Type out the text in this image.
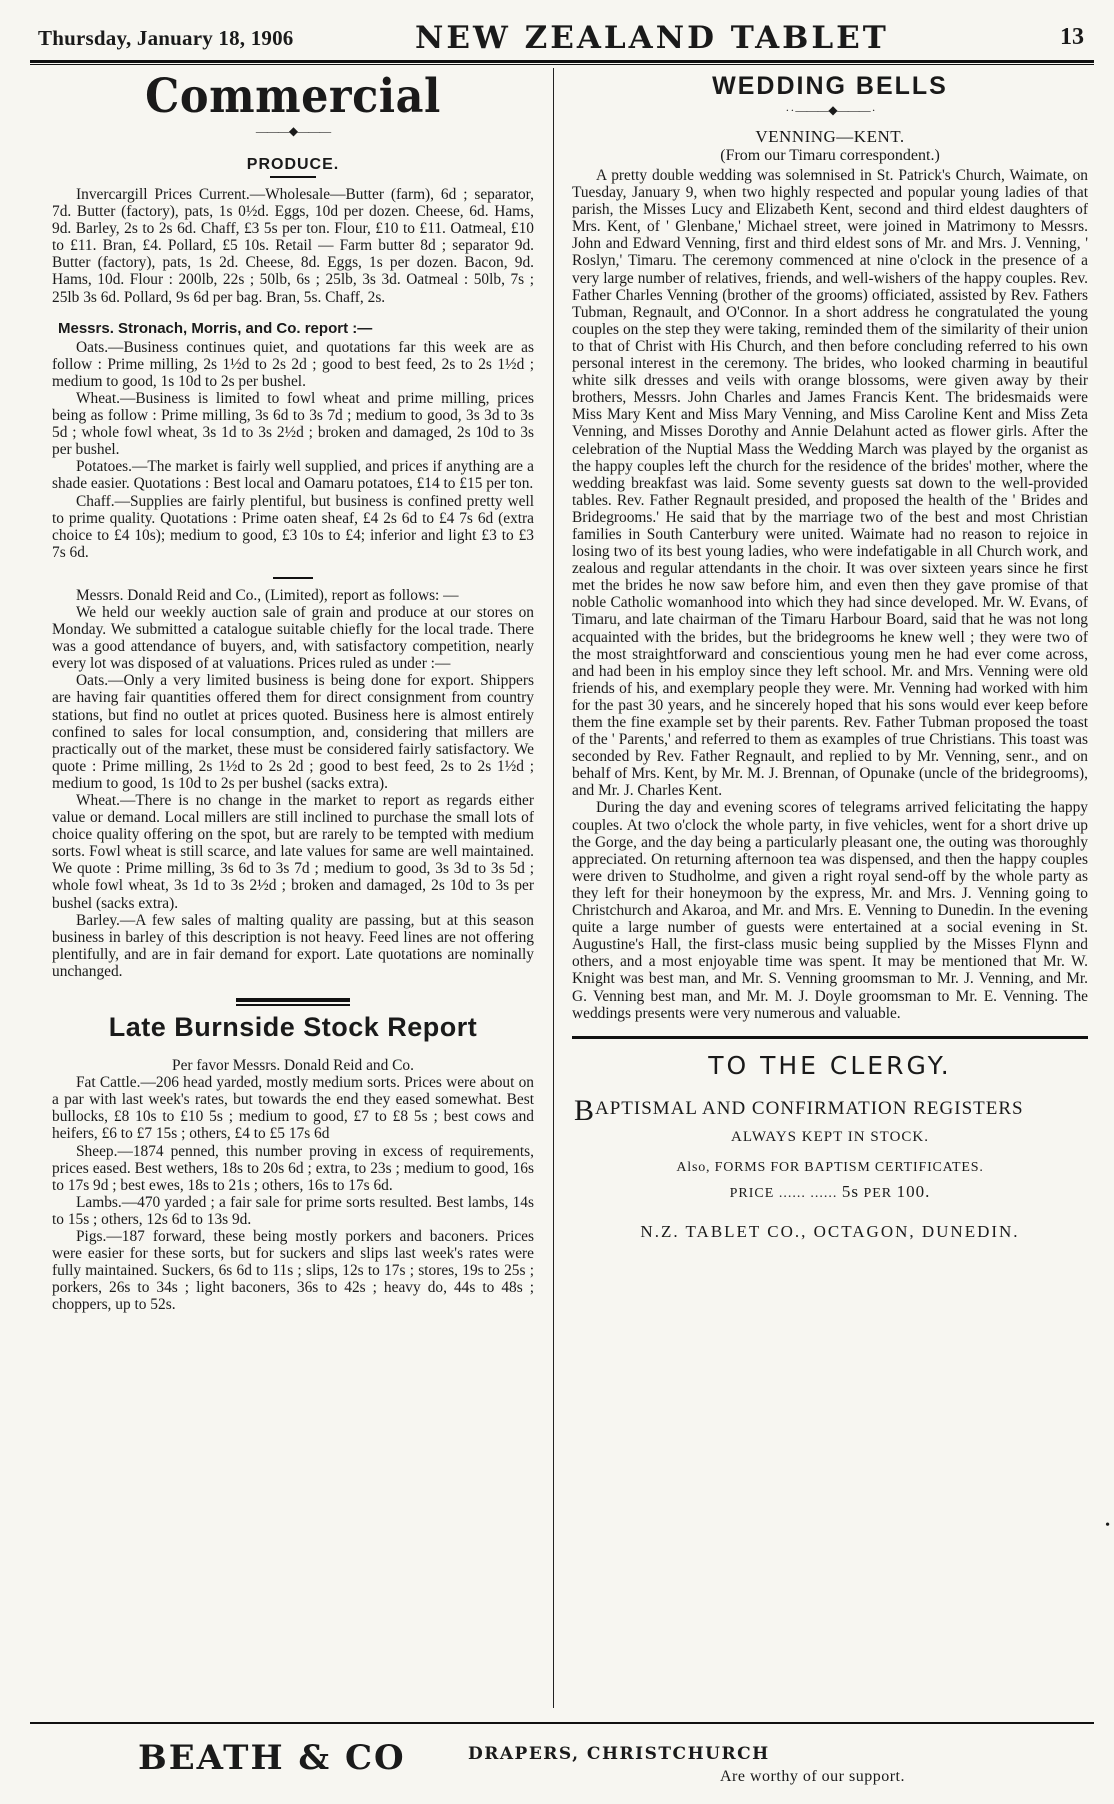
Thursday, January 18, 1906	NEW ZEALAND TABLET	13
Commercial
———◆———
PRODUCE.

Invercargill Prices Current.—Wholesale—Butter (farm), 6d ; separator, 7d. Butter (factory), pats, 1s 0½d. Eggs, 10d per dozen. Cheese, 6d. Hams, 9d. Barley, 2s to 2s 6d. Chaff, £3 5s per ton. Flour, £10 to £11. Oatmeal, £10 to £11. Bran, £4. Pollard, £5 10s. Retail — Farm butter 8d ; separator 9d. Butter (factory), pats, 1s 2d. Cheese, 8d. Eggs, 1s per dozen. Bacon, 9d. Hams, 10d. Flour : 200lb, 22s ; 50lb, 6s ; 25lb, 3s 3d. Oatmeal : 50lb, 7s ; 25lb 3s 6d. Pollard, 9s 6d per bag. Bran, 5s. Chaff, 2s.

Messrs. Stronach, Morris, and Co. report :—

Oats.—Business continues quiet, and quotations far this week are as follow : Prime milling, 2s 1½d to 2s 2d ; good to best feed, 2s to 2s 1½d ; medium to good, 1s 10d to 2s per bushel.

Wheat.—Business is limited to fowl wheat and prime milling, prices being as follow : Prime milling, 3s 6d to 3s 7d ; medium to good, 3s 3d to 3s 5d ; whole fowl wheat, 3s 1d to 3s 2½d ; broken and damaged, 2s 10d to 3s per bushel.

Potatoes.—The market is fairly well supplied, and prices if anything are a shade easier. Quotations : Best local and Oamaru potatoes, £14 to £15 per ton.

Chaff.—Supplies are fairly plentiful, but business is confined pretty well to prime quality. Quotations : Prime oaten sheaf, £4 2s 6d to £4 7s 6d (extra choice to £4 10s); medium to good, £3 10s to £4; inferior and light £3 to £3 7s 6d.

Messrs. Donald Reid and Co., (Limited), report as follows: —

We held our weekly auction sale of grain and produce at our stores on Monday. We submitted a catalogue suitable chiefly for the local trade. There was a good attendance of buyers, and, with satisfactory competition, nearly every lot was disposed of at valuations. Prices ruled as under :—

Oats.—Only a very limited business is being done for export. Shippers are having fair quantities offered them for direct consignment from country stations, but find no outlet at prices quoted. Business here is almost entirely confined to sales for local consumption, and, considering that millers are practically out of the market, these must be considered fairly satisfactory. We quote : Prime milling, 2s 1½d to 2s 2d ; good to best feed, 2s to 2s 1½d ; medium to good, 1s 10d to 2s per bushel (sacks extra).

Wheat.—There is no change in the market to report as regards either value or demand. Local millers are still inclined to purchase the small lots of choice quality offering on the spot, but are rarely to be tempted with medium sorts. Fowl wheat is still scarce, and late values for same are well maintained. We quote : Prime milling, 3s 6d to 3s 7d ; medium to good, 3s 3d to 3s 5d ; whole fowl wheat, 3s 1d to 3s 2½d ; broken and damaged, 2s 10d to 3s per bushel (sacks extra).

Barley.—A few sales of malting quality are passing, but at this season business in barley of this description is not heavy. Feed lines are not offering plentifully, and are in fair demand for export. Late quotations are nominally unchanged.

Late Burnside Stock Report

Per favor Messrs. Donald Reid and Co.

Fat Cattle.—206 head yarded, mostly medium sorts. Prices were about on a par with last week's rates, but towards the end they eased somewhat. Best bullocks, £8 10s to £10 5s ; medium to good, £7 to £8 5s ; best cows and heifers, £6 to £7 15s ; others, £4 to £5 17s 6d

Sheep.—1874 penned, this number proving in excess of requirements, prices eased. Best wethers, 18s to 20s 6d ; extra, to 23s ; medium to good, 16s to 17s 9d ; best ewes, 18s to 21s ; others, 16s to 17s 6d.

Lambs.—470 yarded ; a fair sale for prime sorts resulted. Best lambs, 14s to 15s ; others, 12s 6d to 13s 9d.

Pigs.—187 forward, these being mostly porkers and baconers. Prices were easier for these sorts, but for suckers and slips last week's rates were fully maintained. Suckers, 6s 6d to 11s ; slips, 12s to 17s ; stores, 19s to 25s ; porkers, 26s to 34s ; light baconers, 36s to 42s ; heavy do, 44s to 48s ; choppers, up to 52s.

WEDDING BELLS
· · ———◆——— ·
VENNING—KENT.
(From our Timaru correspondent.)

A pretty double wedding was solemnised in St. Patrick's Church, Waimate, on Tuesday, January 9, when two highly respected and popular young ladies of that parish, the Misses Lucy and Elizabeth Kent, second and third eldest daughters of Mrs. Kent, of ' Glenbane,' Michael street, were joined in Matrimony to Messrs. John and Edward Venning, first and third eldest sons of Mr. and Mrs. J. Venning, ' Roslyn,' Timaru. The ceremony commenced at nine o'clock in the presence of a very large number of relatives, friends, and well-wishers of the happy couples. Rev. Father Charles Venning (brother of the grooms) officiated, assisted by Rev. Fathers Tubman, Regnault, and O'Connor. In a short address he congratulated the young couples on the step they were taking, reminded them of the similarity of their union to that of Christ with His Church, and then before concluding referred to his own personal interest in the ceremony. The brides, who looked charming in beautiful white silk dresses and veils with orange blossoms, were given away by their brothers, Messrs. John Charles and James Francis Kent. The bridesmaids were Miss Mary Kent and Miss Mary Venning, and Miss Caroline Kent and Miss Zeta Venning, and Misses Dorothy and Annie Delahunt acted as flower girls. After the celebration of the Nuptial Mass the Wedding March was played by the organist as the happy couples left the church for the residence of the brides' mother, where the wedding breakfast was laid. Some seventy guests sat down to the well-provided tables. Rev. Father Regnault presided, and proposed the health of the ' Brides and Bridegrooms.' He said that by the marriage two of the best and most Christian families in South Canterbury were united. Waimate had no reason to rejoice in losing two of its best young ladies, who were indefatigable in all Church work, and zealous and regular attendants in the choir. It was over sixteen years since he first met the brides he now saw before him, and even then they gave promise of that noble Catholic womanhood into which they had since developed. Mr. W. Evans, of Timaru, and late chairman of the Timaru Harbour Board, said that he was not long acquainted with the brides, but the bridegrooms he knew well ; they were two of the most straightforward and conscientious young men he had ever come across, and had been in his employ since they left school. Mr. and Mrs. Venning were old friends of his, and exemplary people they were. Mr. Venning had worked with him for the past 30 years, and he sincerely hoped that his sons would ever keep before them the fine example set by their parents. Rev. Father Tubman proposed the toast of the ' Parents,' and referred to them as examples of true Christians. This toast was seconded by Rev. Father Regnault, and replied to by Mr. Venning, senr., and on behalf of Mrs. Kent, by Mr. M. J. Brennan, of Opunake (uncle of the bridegrooms), and Mr. J. Charles Kent.

During the day and evening scores of telegrams arrived felicitating the happy couples. At two o'clock the whole party, in five vehicles, went for a short drive up the Gorge, and the day being a particularly pleasant one, the outing was thoroughly appreciated. On returning afternoon tea was dispensed, and then the happy couples were driven to Studholme, and given a right royal send-off by the whole party as they left for their honeymoon by the express, Mr. and Mrs. J. Venning going to Christchurch and Akaroa, and Mr. and Mrs. E. Venning to Dunedin. In the evening quite a large number of guests were entertained at a social evening in St. Augustine's Hall, the first-class music being supplied by the Misses Flynn and others, and a most enjoyable time was spent. It may be mentioned that Mr. W. Knight was best man, and Mr. S. Venning groomsman to Mr. J. Venning, and Mr. G. Venning best man, and Mr. M. J. Doyle groomsman to Mr. E. Venning. The weddings presents were very numerous and valuable.

TO THE CLERGY.
BAPTISMAL AND CONFIRMATION REGISTERS
ALWAYS KEPT IN STOCK.
Also, FORMS FOR BAPTISM CERTIFICATES.
PRICE ...... ...... 5s PER 100.
N.Z. TABLET CO., OCTAGON, DUNEDIN.
•
BEATH & CO	DRAPERS, CHRISTCHURCH
Are worthy of our support.
